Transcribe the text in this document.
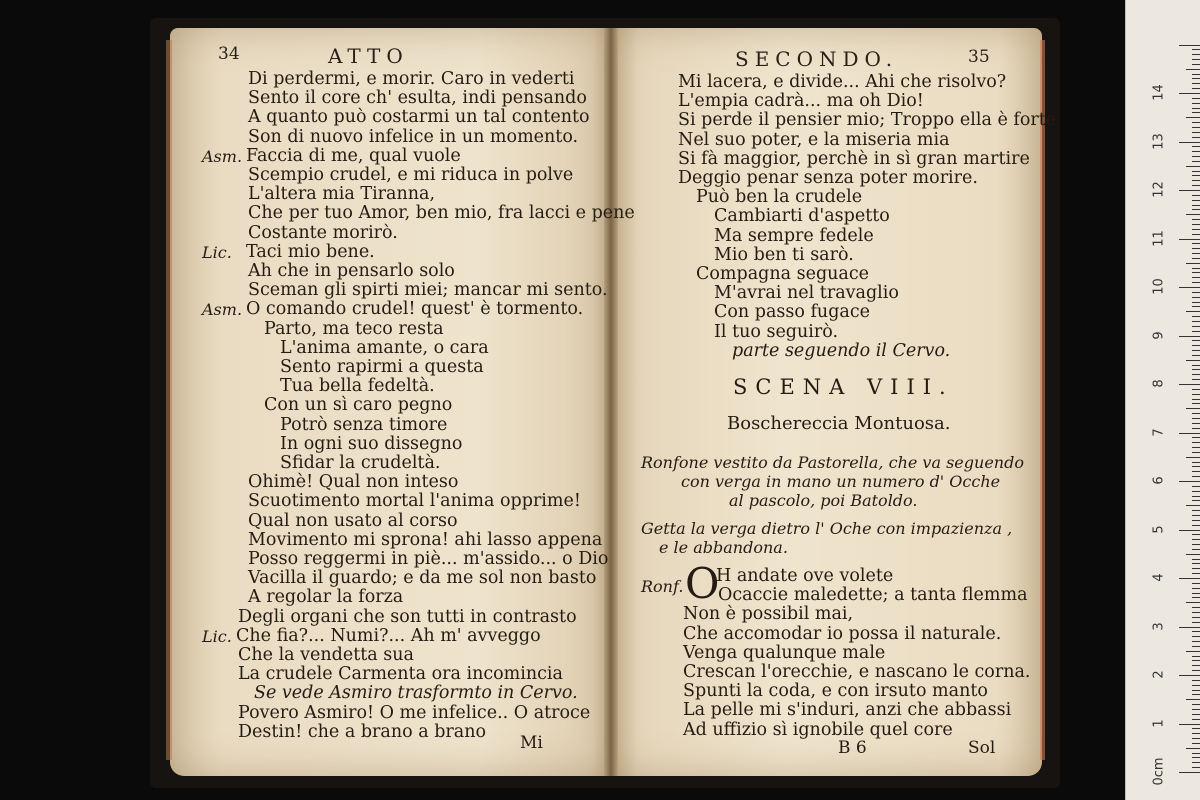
34	ATTO
Di perdermi, e morir. Caro in vederti
Sento il core ch' esulta, indi pensando
A quanto può costarmi un tal contento
Son di nuovo infelice in un momento.
Asm. Faccia di me, qual vuole
Scempio crudel, e mi riduca in polve
L'altera mia Tiranna,
Che per tuo Amor, ben mio, fra lacci e pene
Costante morirò.
Lic. Taci mio bene.
Ah che in pensarlo solo
Sceman gli spirti miei; mancar mi sento.
Asm. O comando crudel! quest' è tormento.
Parto, ma teco resta
L'anima amante, o cara
Sento rapirmi a questa
Tua bella fedeltà.
Con un sì caro pegno
Potrò senza timore
In ogni suo dissegno
Sfidar la crudeltà.
Ohimè! Qual non inteso
Scuotimento mortal l'anima opprime!
Qual non usato al corso
Movimento mi sprona! ahi lasso appena
Posso reggermi in piè... m'assido... o Dio
Vacilla il guardo; e da me sol non basto
A regolar la forza
Degli organi che son tutti in contrasto
Lic. Che fia?... Numi?... Ah m' avveggo
Che la vendetta sua
La crudele Carmenta ora incomincia
Se vede Asmiro trasformto in Cervo.
Povero Asmiro! O me infelice.. O atroce
Destin! che a brano a brano
Mi
SECONDO.	35
Mi lacera, e divide... Ahi che risolvo?
L'empia cadrà... ma oh Dio!
Si perde il pensier mio; Troppo ella è forte
Nel suo poter, e la miseria mia
Si fà maggior, perchè in sì gran martire
Deggio penar senza poter morire.
Può ben la crudele
Cambiarti d'aspetto
Ma sempre fedele
Mio ben ti sarò.
Compagna seguace
M'avrai nel travaglio
Con passo fugace
Il tuo seguirò.
parte seguendo il Cervo.
SCENA VIII.
Boschereccia Montuosa.
Ronfone vestito da Pastorella, che va seguendo
con verga in mano un numero d' Ocche
al pascolo, poi Batoldo.
Getta la verga dietro l' Oche con impazienza ,
e le abbandona.
Ronf. O
H andate ove volete
Ocaccie maledette; a tanta flemma
Non è possibil mai,
Che accomodar io possa il naturale.
Venga qualunque male
Crescan l'orecchie, e nascano le corna.
Spunti la coda, e con irsuto manto
La pelle mi s'induri, anzi che abbassi
Ad uffizio sì ignobile quel core
B 6	Sol
0cm
1
2
3
4
5
6
7
8
9
10
11
12
13
14
